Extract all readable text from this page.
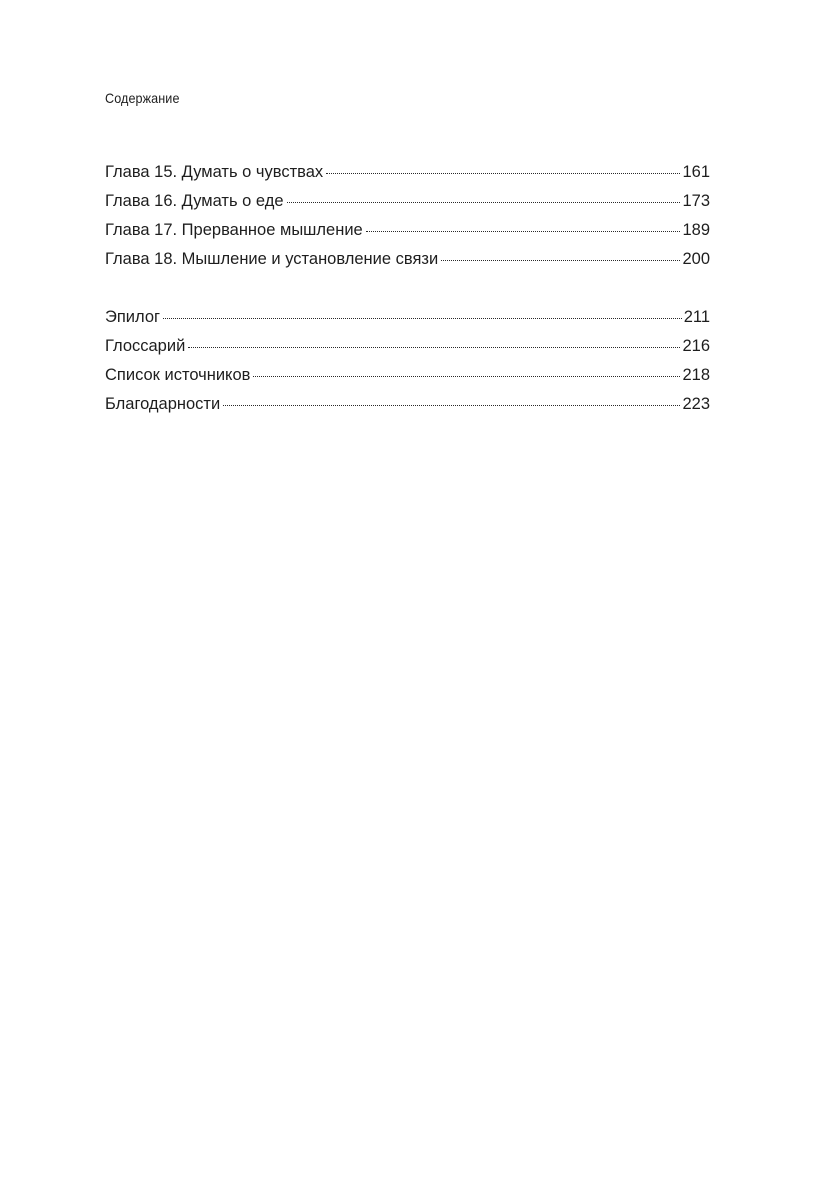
Содержание
Глава 15. Думать о чувствах	161
Глава 16. Думать о еде	173
Глава 17. Прерванное мышление	189
Глава 18. Мышление и установление связи	200
Эпилог	211
Глоссарий	216
Список источников	218
Благодарности	223
